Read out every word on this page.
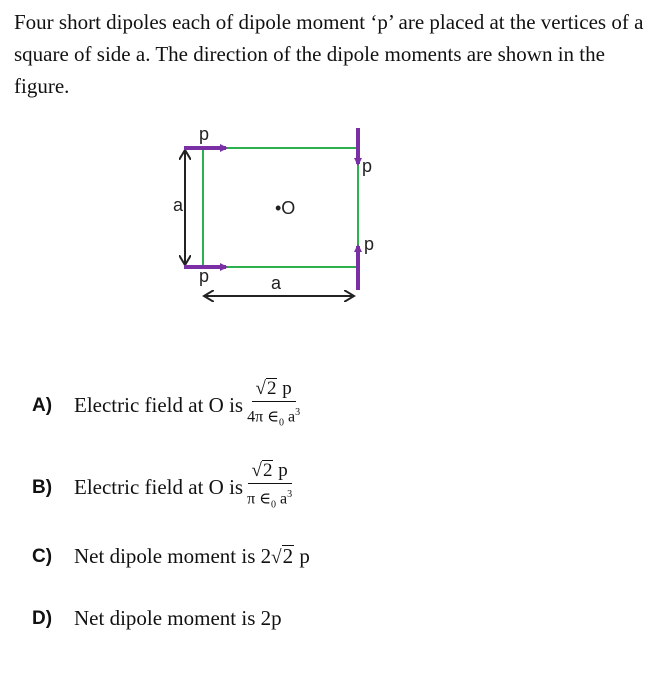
Four short dipoles each of dipole moment ‘p’ are placed at the vertices of a square of side a. The direction of the dipole moments are shown in the figure.

p
p
p
p
a
a
•O
A)	Electric field at O is $\frac{√ 2 p}{4\pi \in_0 a^3}$
B)	Electric field at O is $\frac{√ 2 p}{\pi \in_0 a^3}$
C)	Net dipole moment is 2 √ 2 p
D)	Net dipole moment is 2p
